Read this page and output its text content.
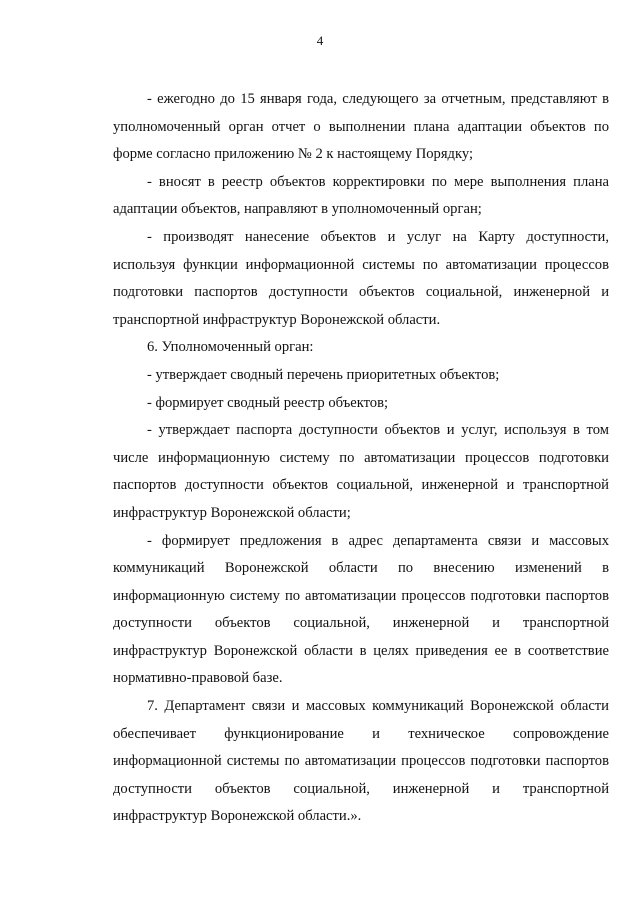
4

- ежегодно до 15 января года, следующего за отчетным, представляют в уполномоченный орган отчет о выполнении плана адаптации объектов по форме согласно приложению № 2 к настоящему Порядку;

- вносят в реестр объектов корректировки по мере выполнения плана адаптации объектов, направляют в уполномоченный орган;

- производят нанесение объектов и услуг на Карту доступности, используя функции информационной системы по автоматизации процессов подготовки паспортов доступности объектов социальной, инженерной и транспортной инфраструктур Воронежской области.

6. Уполномоченный орган:

- утверждает сводный перечень приоритетных объектов;

- формирует сводный реестр объектов;

- утверждает паспорта доступности объектов и услуг, используя в том числе информационную систему по автоматизации процессов подготовки паспортов доступности объектов социальной, инженерной и транспортной инфраструктур Воронежской области;

- формирует предложения в адрес департамента связи и массовых коммуникаций Воронежской области по внесению изменений в информационную систему по автоматизации процессов подготовки паспортов доступности объектов социальной, инженерной и транспортной инфраструктур Воронежской области в целях приведения ее в соответствие нормативно-правовой базе.

7. Департамент связи и массовых коммуникаций Воронежской области обеспечивает функционирование и техническое сопровождение информационной системы по автоматизации процессов подготовки паспортов доступности объектов социальной, инженерной и транспортной инфраструктур Воронежской области.».
